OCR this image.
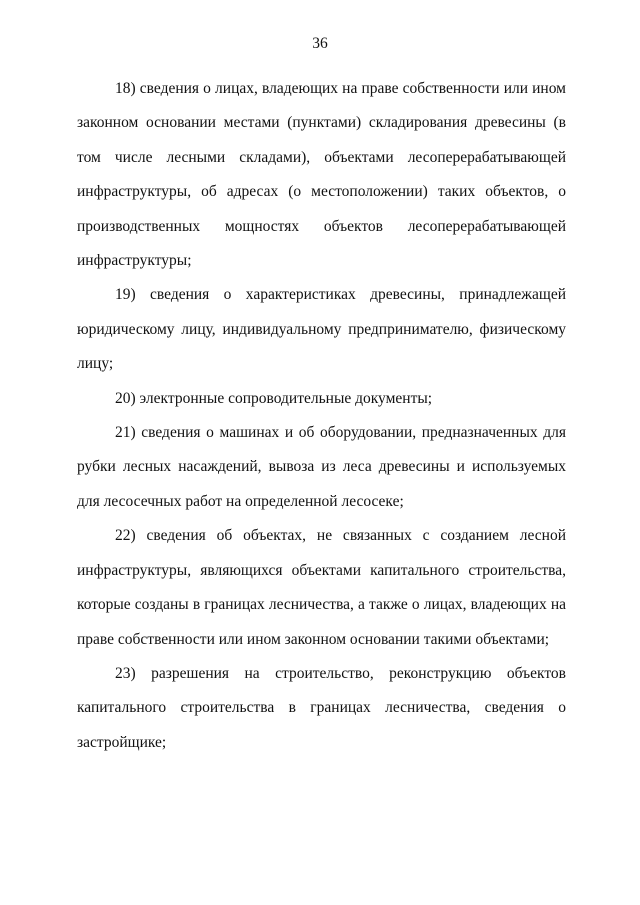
36

18) сведения о лицах, владеющих на праве собственности или ином законном основании местами (пунктами) складирования древесины (в том числе лесными складами), объектами лесоперерабатывающей инфраструктуры, об адресах (о местоположении) таких объектов, о производственных мощностях объектов лесоперерабатывающей инфраструктуры;

19) сведения о характеристиках древесины, принадлежащей юридическому лицу, индивидуальному предпринимателю, физическому лицу;

20) электронные сопроводительные документы;

21) сведения о машинах и об оборудовании, предназначенных для рубки лесных насаждений, вывоза из леса древесины и используемых для лесосечных работ на определенной лесосеке;

22) сведения об объектах, не связанных с созданием лесной инфраструктуры, являющихся объектами капитального строительства, которые созданы в границах лесничества, а также о лицах, владеющих на праве собственности или ином законном основании такими объектами;

23) разрешения на строительство, реконструкцию объектов капитального строительства в границах лесничества, сведения о застройщике;
